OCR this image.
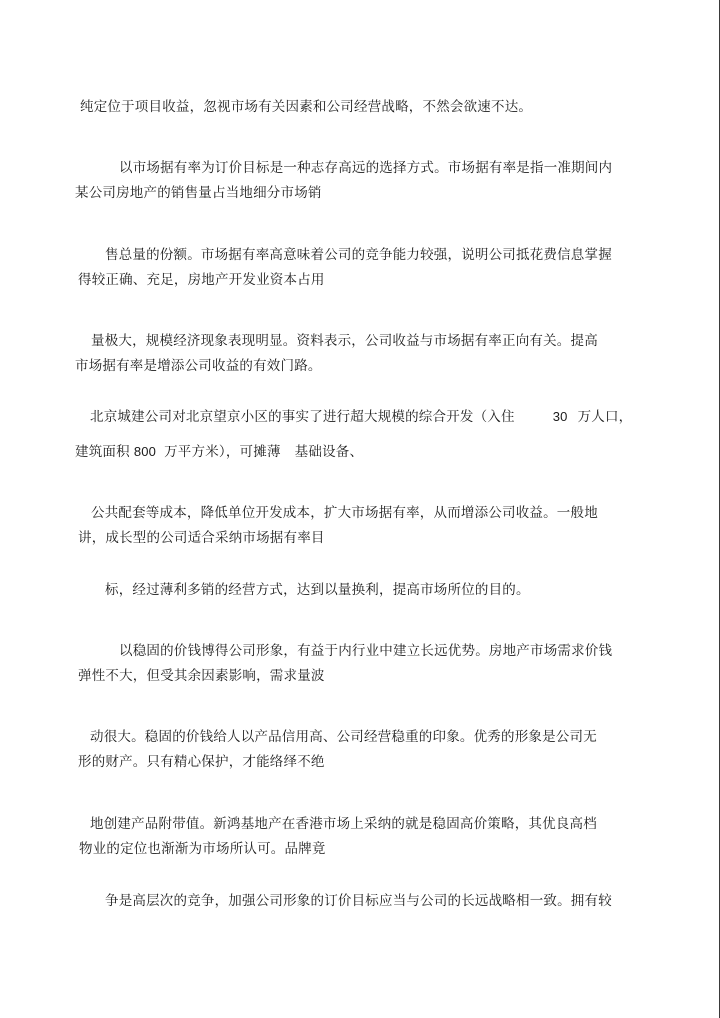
纯定位于项目收益，忽视市场有关因素和公司经营战略，不然会欲速不达。
以市场据有率为订价目标是一种志存高远的选择方式。市场据有率是指一准期间内
某公司房地产的销售量占当地细分市场销
售总量的份额。市场据有率高意味着公司的竞争能力较强，说明公司抵花费信息掌握
得较正确、充足，房地产开发业资本占用
量极大，规模经济现象表现明显。资料表示，公司收益与市场据有率正向有关。提高
市场据有率是增添公司收益的有效门路。
北京城建公司对北京望京小区的事实了进行超大规模的综合开发（入住	30 万人口，
建筑面积 800 万平方米），可摊薄 基础设备、
公共配套等成本，降低单位开发成本，扩大市场据有率，从而增添公司收益。一般地
讲，成长型的公司适合采纳市场据有率目
标，经过薄利多销的经营方式，达到以量换利，提高市场所位的目的。
以稳固的价钱博得公司形象，有益于内行业中建立长远优势。房地产市场需求价钱
弹性不大，但受其余因素影响，需求量波
动很大。稳固的价钱给人以产品信用高、公司经营稳重的印象。优秀的形象是公司无
形的财产。只有精心保护，才能络绎不绝
地创建产品附带值。新鸿基地产在香港市场上采纳的就是稳固高价策略，其优良高档
物业的定位也渐渐为市场所认可。品牌竟
争是高层次的竞争，加强公司形象的订价目标应当与公司的长远战略相一致。拥有较
